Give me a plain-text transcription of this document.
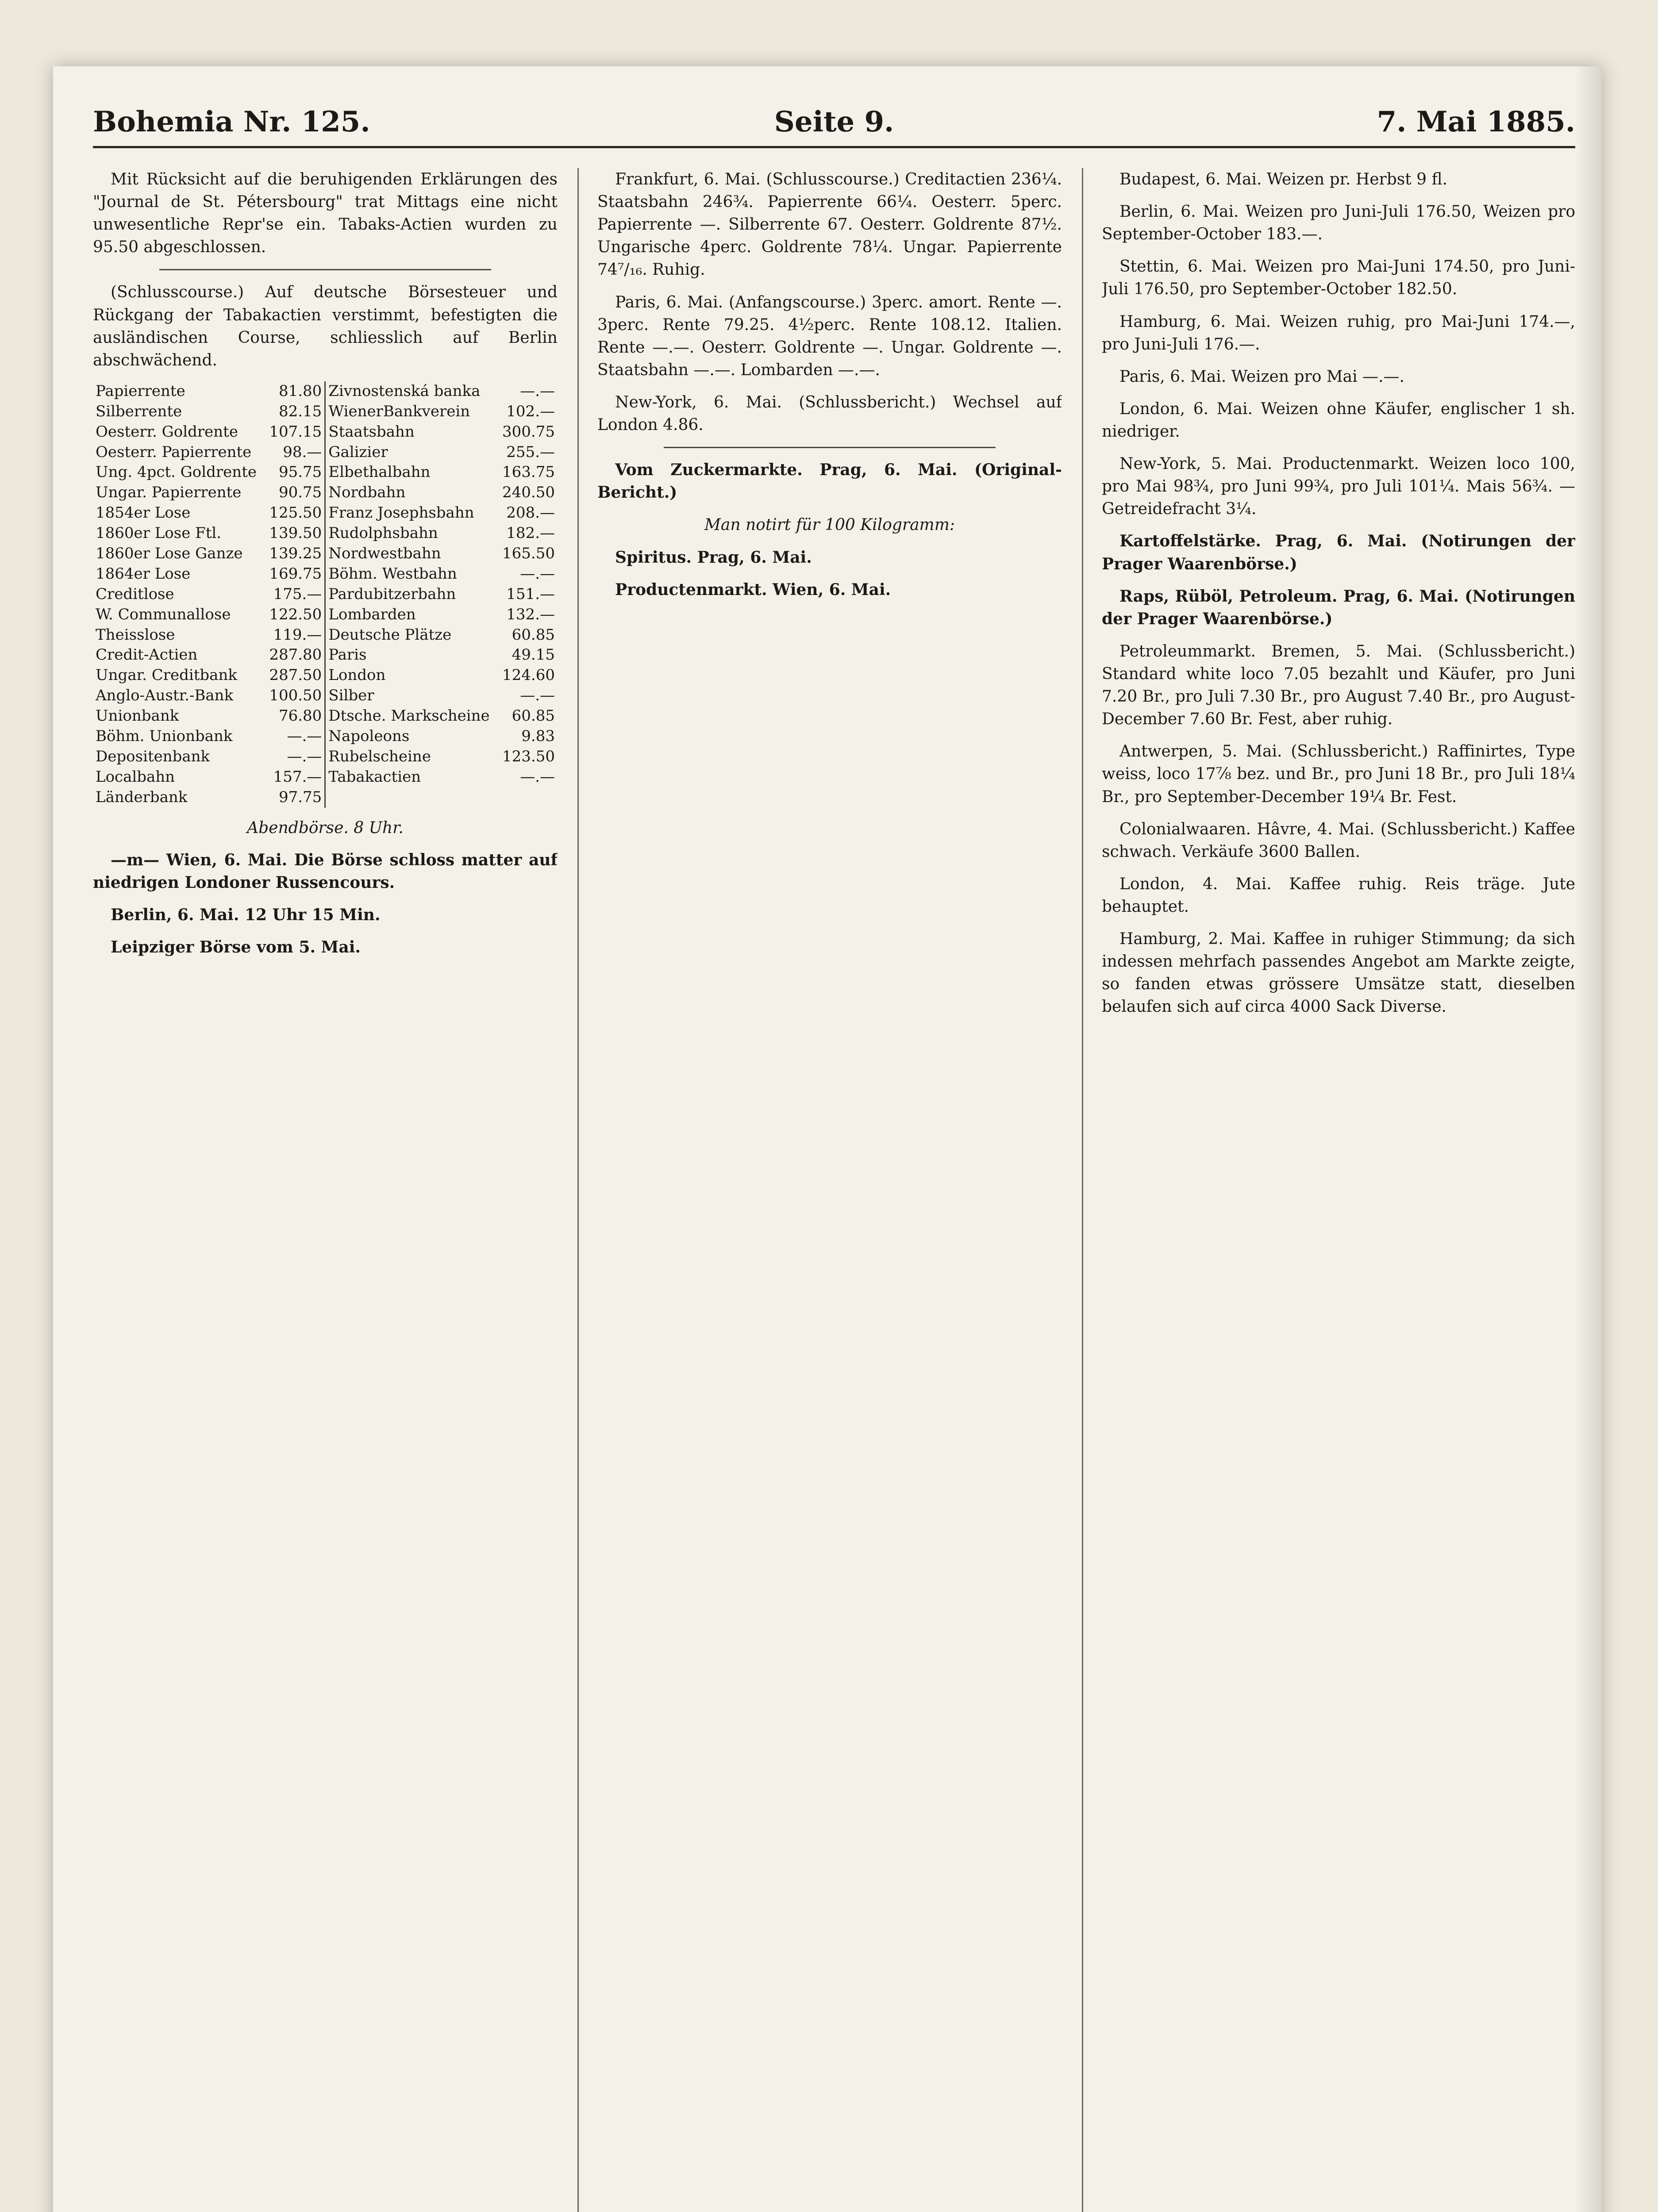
Bohemia Nr. 125.	Seite 9.	7. Mai 1885.

Mit Rücksicht auf die beruhigenden Erklärungen des "Journal de St. Pétersbourg" trat Mittags eine nicht unwesentliche Repr'se ein. Tabaks-Actien wurden zu 95.50 abgeschlossen.

(Schlusscourse.) Auf deutsche Börsesteuer und Rückgang der Tabakactien verstimmt, befestigten die ausländischen Course, schliesslich auf Berlin abschwächend.

Papierrente	81.80	Zivnostenská banka	—.—
Silberrente	82.15	WienerBankverein	102.—
Oesterr. Goldrente	107.15	Staatsbahn	300.75
Oesterr. Papierrente	98.—	Galizier	255.—
Ung. 4pct. Goldrente	95.75	Elbethalbahn	163.75
Ungar. Papierrente	90.75	Nordbahn	240.50
1854er Lose	125.50	Franz Josephsbahn	208.—
1860er Lose Ftl.	139.50	Rudolphsbahn	182.—
1860er Lose Ganze	139.25	Nordwestbahn	165.50
1864er Lose	169.75	Böhm. Westbahn	—.—
Creditlose	175.—	Pardubitzerbahn	151.—
W. Communallose	122.50	Lombarden	132.—
Theisslose	119.—	Deutsche Plätze	60.85
Credit-Actien	287.80	Paris	49.15
Ungar. Creditbank	287.50	London	124.60
Anglo-Austr.-Bank	100.50	Silber	—.—
Unionbank	76.80	Dtsche. Markscheine	60.85
Böhm. Unionbank	—.—	Napoleons	9.83
Depositenbank	—.—	Rubelscheine	123.50
Localbahn	157.—	Tabakactien	—.—
Länderbank	97.75		

Abendbörse. 8 Uhr.

—m— Wien, 6. Mai. Die Börse schloss matter auf niedrigen Londoner Russencours.

Berlin, 6. Mai. 12 Uhr 15 Min.

Leipziger Börse vom 5. Mai.

Frankfurt, 6. Mai. (Schlusscourse.) Creditactien 236¼. Staatsbahn 246¾. Papierrente 66¼. Oesterr. 5perc. Papierrente —. Silberrente 67. Oesterr. Goldrente 87½. Ungarische 4perc. Goldrente 78¼. Ungar. Papierrente 74⁷/₁₆. Ruhig.

Paris, 6. Mai. (Anfangscourse.) 3perc. amort. Rente —. 3perc. Rente 79.25. 4½perc. Rente 108.12. Italien. Rente —.—. Oesterr. Goldrente —. Ungar. Goldrente —. Staatsbahn —.—. Lombarden —.—.

New-York, 6. Mai. (Schlussbericht.) Wechsel auf London 4.86.

Vom Zuckermarkte. Prag, 6. Mai. (Original-Bericht.)

Man notirt für 100 Kilogramm:

Spiritus. Prag, 6. Mai.

Productenmarkt. Wien, 6. Mai.

Budapest, 6. Mai. Weizen pr. Herbst 9 fl.

Berlin, 6. Mai. Weizen pro Juni-Juli 176.50, Weizen pro September-October 183.—.

Stettin, 6. Mai. Weizen pro Mai-Juni 174.50, pro Juni-Juli 176.50, pro September-October 182.50.

Hamburg, 6. Mai. Weizen ruhig, pro Mai-Juni 174.—, pro Juni-Juli 176.—.

Paris, 6. Mai. Weizen pro Mai —.—.

London, 6. Mai. Weizen ohne Käufer, englischer 1 sh. niedriger.

New-York, 5. Mai. Productenmarkt. Weizen loco 100, pro Mai 98¾, pro Juni 99¾, pro Juli 101¼. Mais 56¾. — Getreidefracht 3¼.

Kartoffelstärke. Prag, 6. Mai. (Notirungen der Prager Waarenbörse.)

Raps, Rüböl, Petroleum. Prag, 6. Mai. (Notirungen der Prager Waarenbörse.)

Petroleummarkt. Bremen, 5. Mai. (Schlussbericht.) Standard white loco 7.05 bezahlt und Käufer, pro Juni 7.20 Br., pro Juli 7.30 Br., pro August 7.40 Br., pro August-December 7.60 Br. Fest, aber ruhig.

Antwerpen, 5. Mai. (Schlussbericht.) Raffinirtes, Type weiss, loco 17⅞ bez. und Br., pro Juni 18 Br., pro Juli 18¼ Br., pro September-December 19¼ Br. Fest.

Colonialwaaren. Hâvre, 4. Mai. (Schlussbericht.) Kaffee schwach. Verkäufe 3600 Ballen.

London, 4. Mai. Kaffee ruhig. Reis träge. Jute behauptet.

Hamburg, 2. Mai. Kaffee in ruhiger Stimmung; da sich indessen mehrfach passendes Angebot am Markte zeigte, so fanden etwas grössere Umsätze statt, dieselben belaufen sich auf circa 4000 Sack Diverse.
